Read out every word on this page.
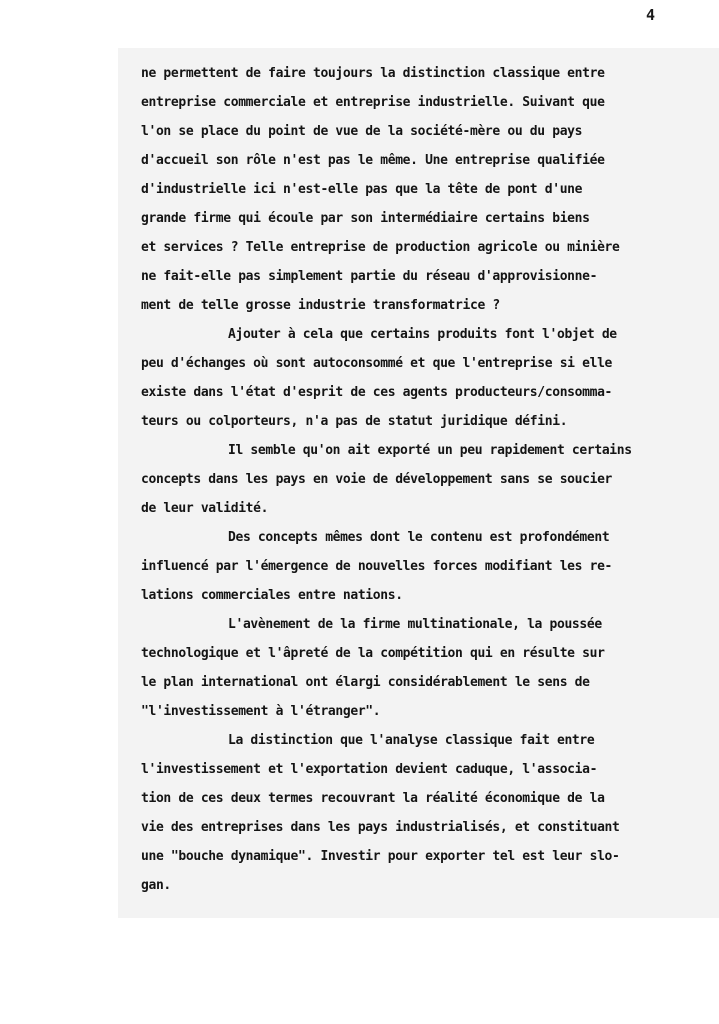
4
ne permettent de faire toujours la distinction classique entre
entreprise commerciale et entreprise industrielle. Suivant que
l'on se place du point de vue de la société-mère ou du pays
d'accueil son rôle n'est pas le même. Une entreprise qualifiée
d'industrielle ici n'est-elle pas que la tête de pont d'une
grande firme qui écoule par son intermédiaire certains biens
et services ? Telle entreprise de production agricole ou minière
ne fait-elle pas simplement partie du réseau d'approvisionne-
ment de telle grosse industrie transformatrice ?
Ajouter à cela que certains produits font l'objet de
peu d'échanges où sont autoconsommé et que l'entreprise si elle
existe dans l'état d'esprit de ces agents producteurs/consomma-
teurs ou colporteurs, n'a pas de statut juridique défini.
Il semble qu'on ait exporté un peu rapidement certains
concepts dans les pays en voie de développement sans se soucier
de leur validité.
Des concepts mêmes dont le contenu est profondément
influencé par l'émergence de nouvelles forces modifiant les re-
lations commerciales entre nations.
L'avènement de la firme multinationale, la poussée
technologique et l'âpreté de la compétition qui en résulte sur
le plan international ont élargi considérablement le sens de
"l'investissement à l'étranger".
La distinction que l'analyse classique fait entre
l'investissement et l'exportation devient caduque, l'associa-
tion de ces deux termes recouvrant la réalité économique de la
vie des entreprises dans les pays industrialisés, et constituant
une "bouche dynamique". Investir pour exporter tel est leur slo-
gan.
